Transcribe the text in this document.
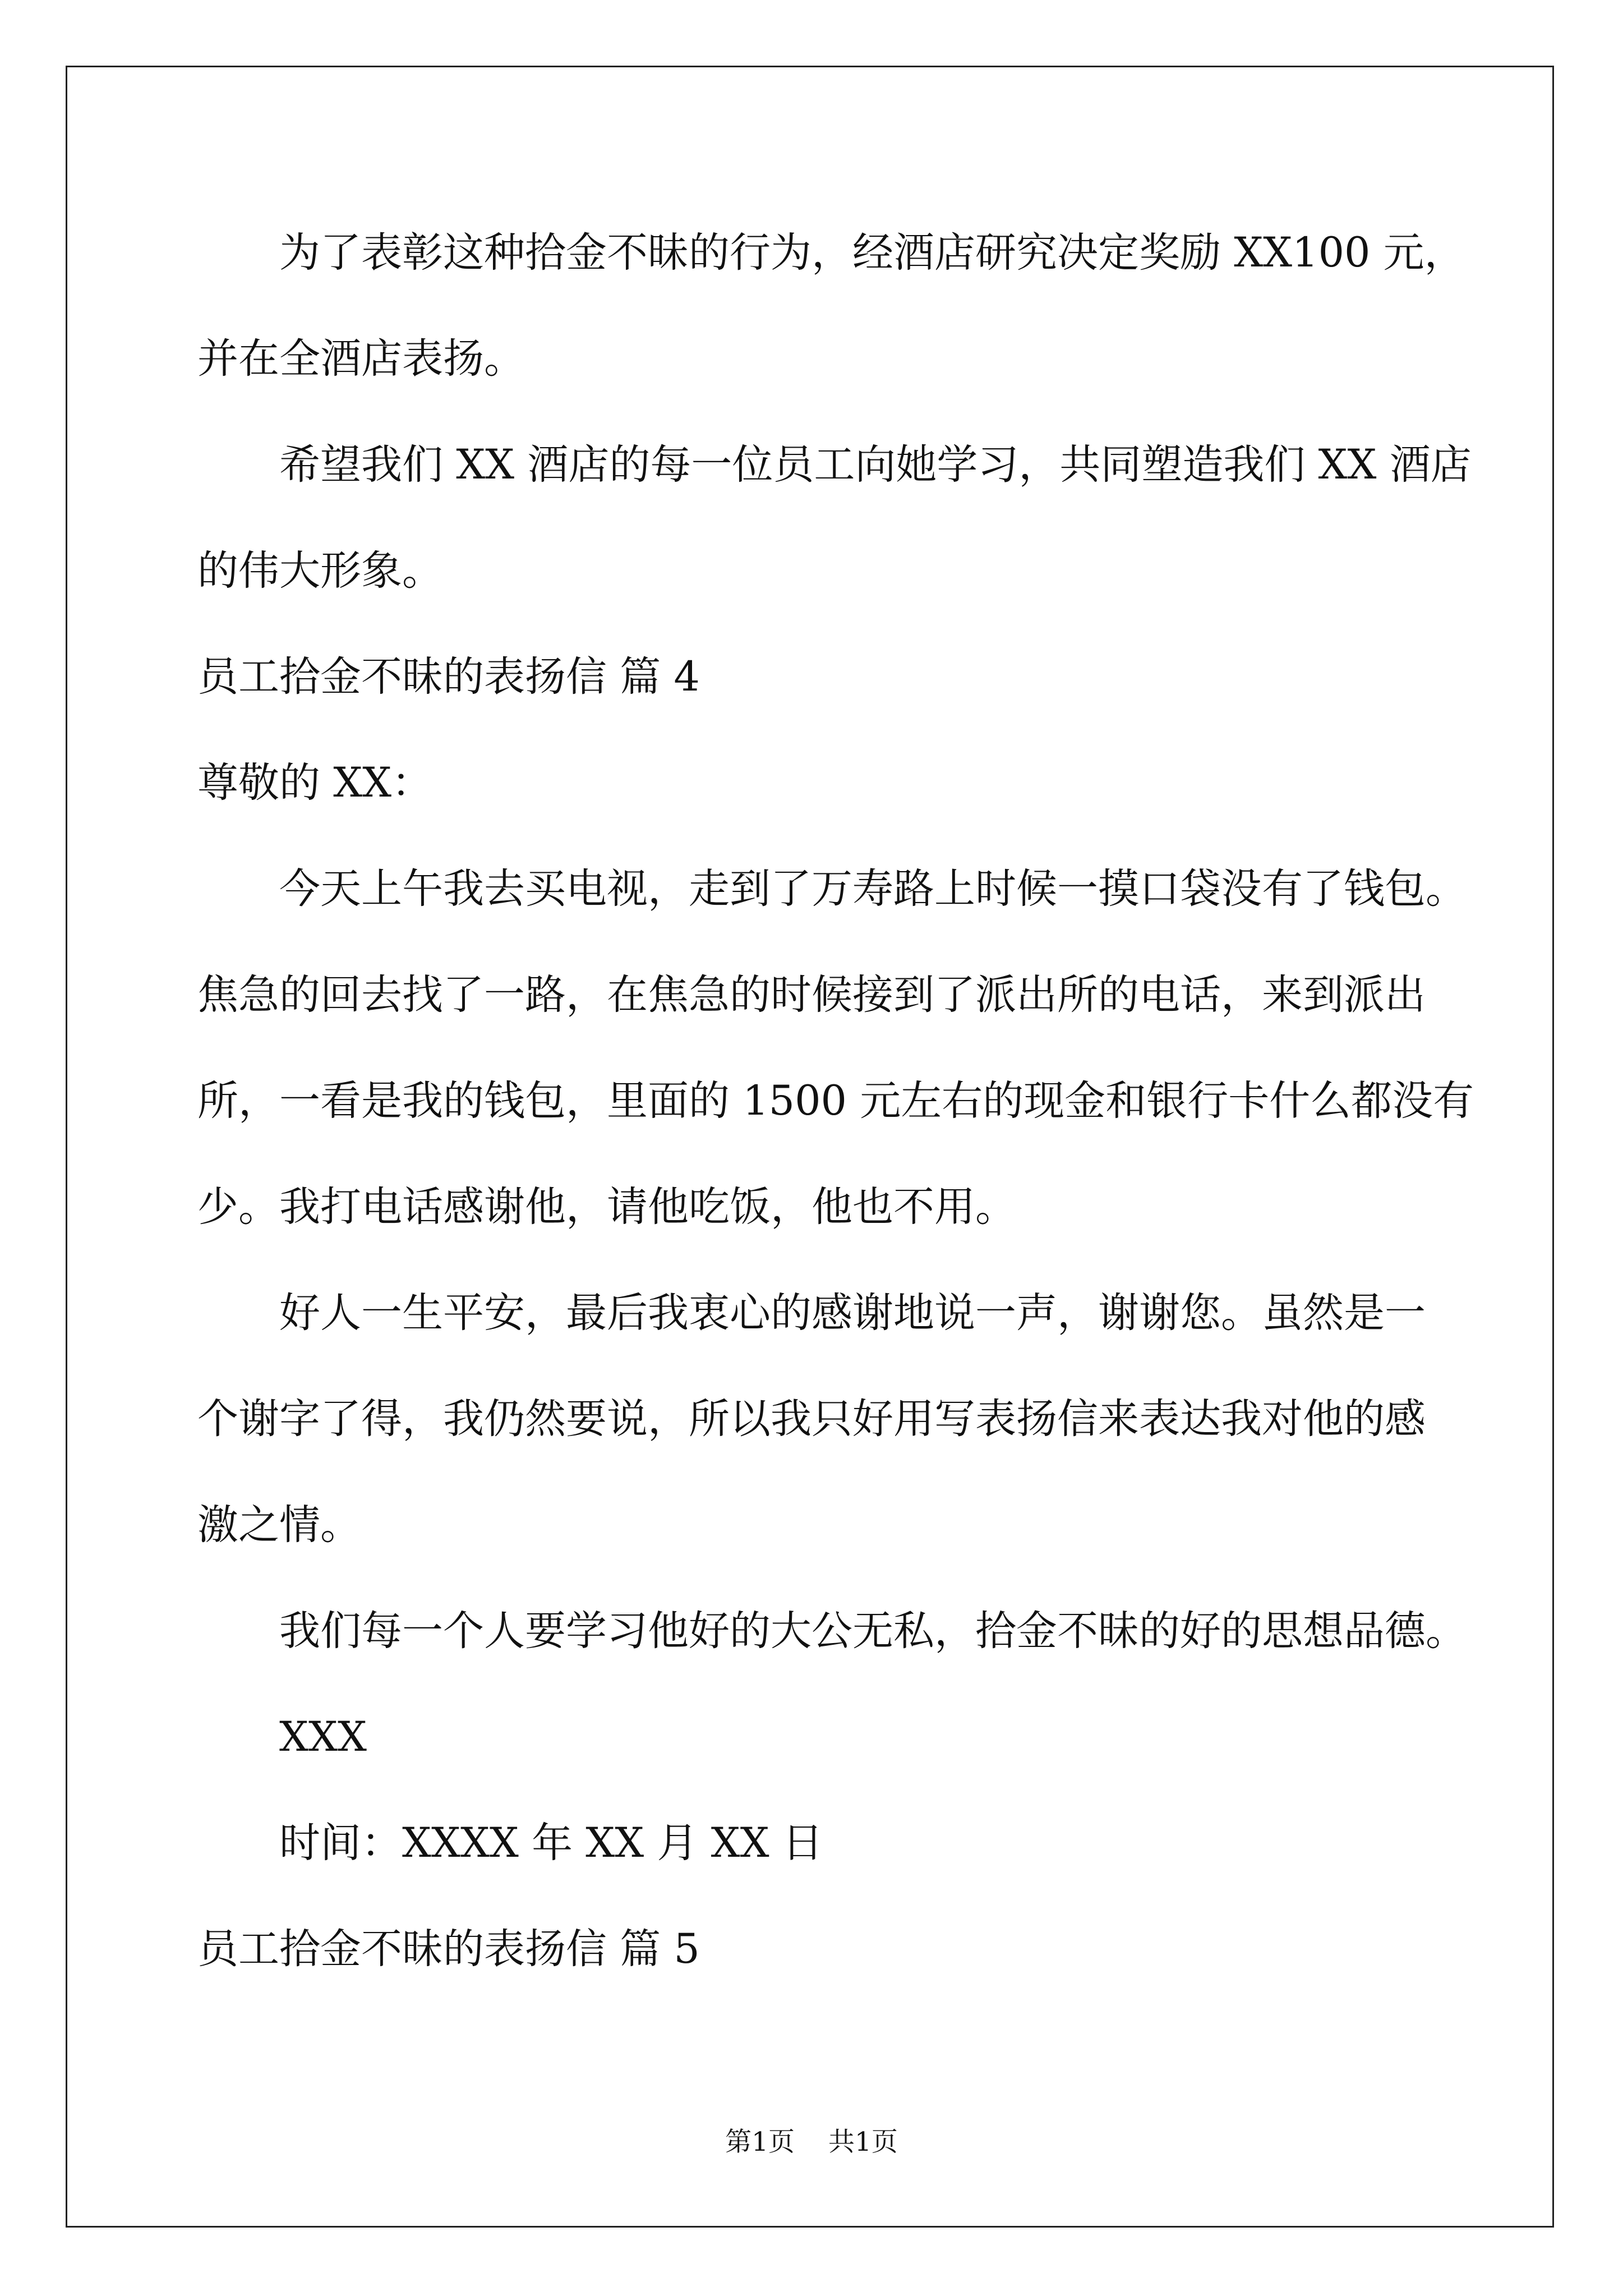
为了表彰这种拾金不昧的行为，经酒店研究决定奖励 XX100 元，
并在全酒店表扬。
希望我们 XX 酒店的每一位员工向她学习，共同塑造我们 XX 酒店
的伟大形象。
员工拾金不昧的表扬信 篇 4
尊敬的 XX：
今天上午我去买电视，走到了万寿路上时候一摸口袋没有了钱包。
焦急的回去找了一路，在焦急的时候接到了派出所的电话，来到派出
所，一看是我的钱包，里面的 1500 元左右的现金和银行卡什么都没有
少。我打电话感谢他，请他吃饭，他也不用。
好人一生平安，最后我衷心的感谢地说一声，谢谢您。虽然是一
个谢字了得，我仍然要说，所以我只好用写表扬信来表达我对他的感
激之情。
我们每一个人要学习他好的大公无私，拾金不昧的好的思想品德。
XXX
时间：XXXX 年 XX 月 XX 日
员工拾金不昧的表扬信 篇 5
第1页 共1页
